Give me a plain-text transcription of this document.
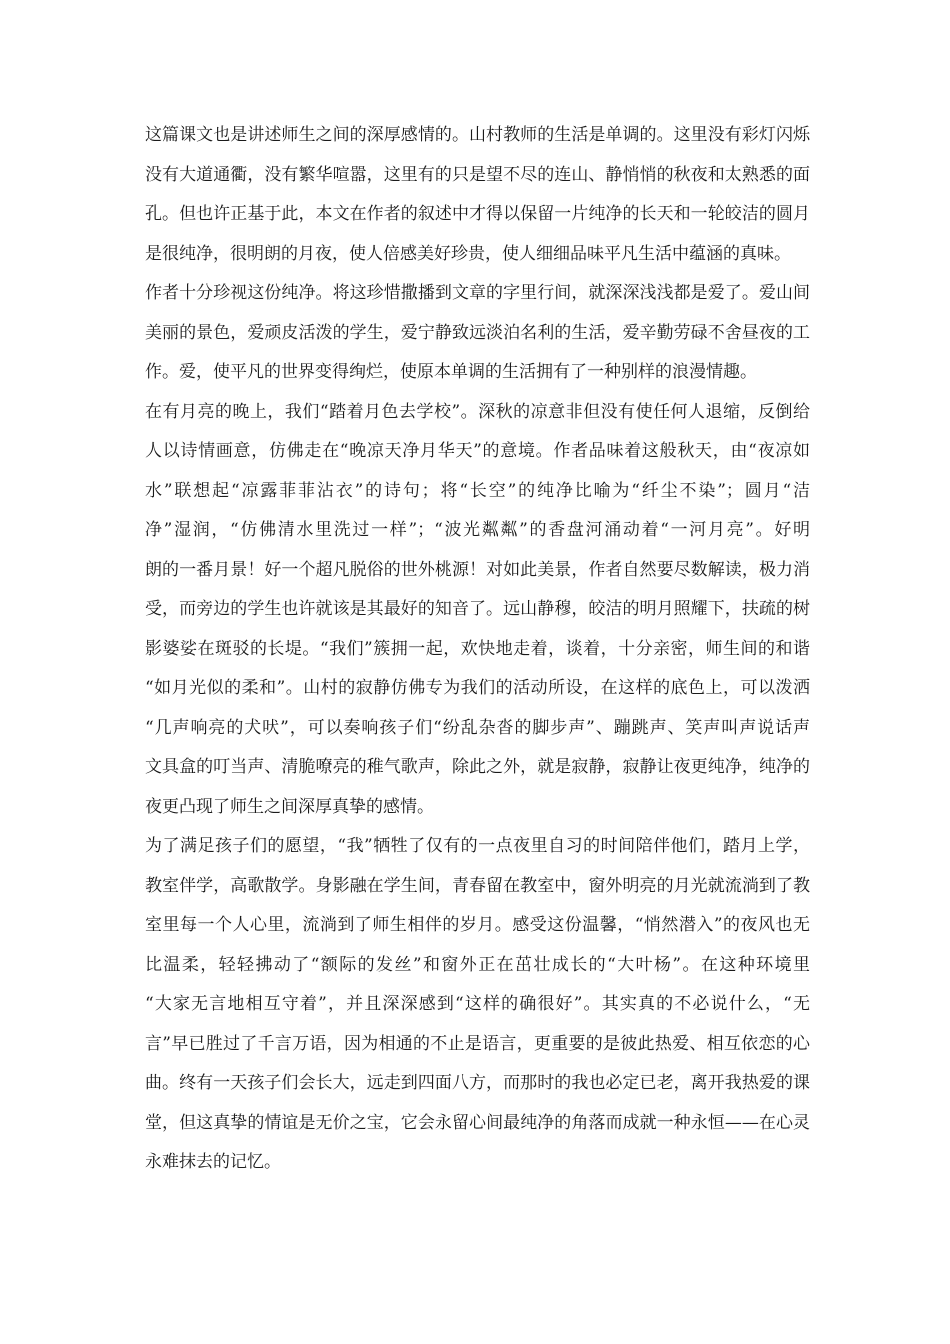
这篇课文也是讲述师生之间的深厚感情的。山村教师的生活是单调的。这里没有彩灯闪烁
没有大道通衢，没有繁华喧嚣，这里有的只是望不尽的连山、静悄悄的秋夜和太熟悉的面
孔。但也许正基于此，本文在作者的叙述中才得以保留一片纯净的长天和一轮皎洁的圆月
是很纯净，很明朗的月夜，使人倍感美好珍贵，使人细细品味平凡生活中蕴涵的真味。
作者十分珍视这份纯净。将这珍惜撒播到文章的字里行间，就深深浅浅都是爱了。爱山间
美丽的景色，爱顽皮活泼的学生，爱宁静致远淡泊名利的生活，爱辛勤劳碌不舍昼夜的工
作。爱，使平凡的世界变得绚烂，使原本单调的生活拥有了一种别样的浪漫情趣。
在有月亮的晚上，我们“踏着月色去学校”。深秋的凉意非但没有使任何人退缩，反倒给
人以诗情画意，仿佛走在“晚凉天净月华天”的意境。作者品味着这般秋天，由“夜凉如
水”联想起“凉露菲菲沾衣”的诗句；将“长空”的纯净比喻为“纤尘不染”；圆月“洁
净”湿润，“仿佛清水里洗过一样”；“波光粼粼”的香盘河涌动着“一河月亮”。好明
朗的一番月景！好一个超凡脱俗的世外桃源！对如此美景，作者自然要尽数解读，极力消
受，而旁边的学生也许就该是其最好的知音了。远山静穆，皎洁的明月照耀下，扶疏的树
影婆娑在斑驳的长堤。“我们”簇拥一起，欢快地走着，谈着，十分亲密，师生间的和谐
“如月光似的柔和”。山村的寂静仿佛专为我们的活动所设，在这样的底色上，可以泼洒
“几声响亮的犬吠”，可以奏响孩子们“纷乱杂沓的脚步声”、蹦跳声、笑声叫声说话声
文具盒的叮当声、清脆嘹亮的稚气歌声，除此之外，就是寂静，寂静让夜更纯净，纯净的
夜更凸现了师生之间深厚真挚的感情。
为了满足孩子们的愿望，“我”牺牲了仅有的一点夜里自习的时间陪伴他们，踏月上学，
教室伴学，高歌散学。身影融在学生间，青春留在教室中，窗外明亮的月光就流淌到了教
室里每一个人心里，流淌到了师生相伴的岁月。感受这份温馨，“悄然潜入”的夜风也无
比温柔，轻轻拂动了“额际的发丝”和窗外正在茁壮成长的“大叶杨”。在这种环境里
“大家无言地相互守着”，并且深深感到“这样的确很好”。其实真的不必说什么，“无
言”早已胜过了千言万语，因为相通的不止是语言，更重要的是彼此热爱、相互依恋的心
曲。终有一天孩子们会长大，远走到四面八方，而那时的我也必定已老，离开我热爱的课
堂，但这真挚的情谊是无价之宝，它会永留心间最纯净的角落而成就一种永恒——在心灵
永难抹去的记忆。
